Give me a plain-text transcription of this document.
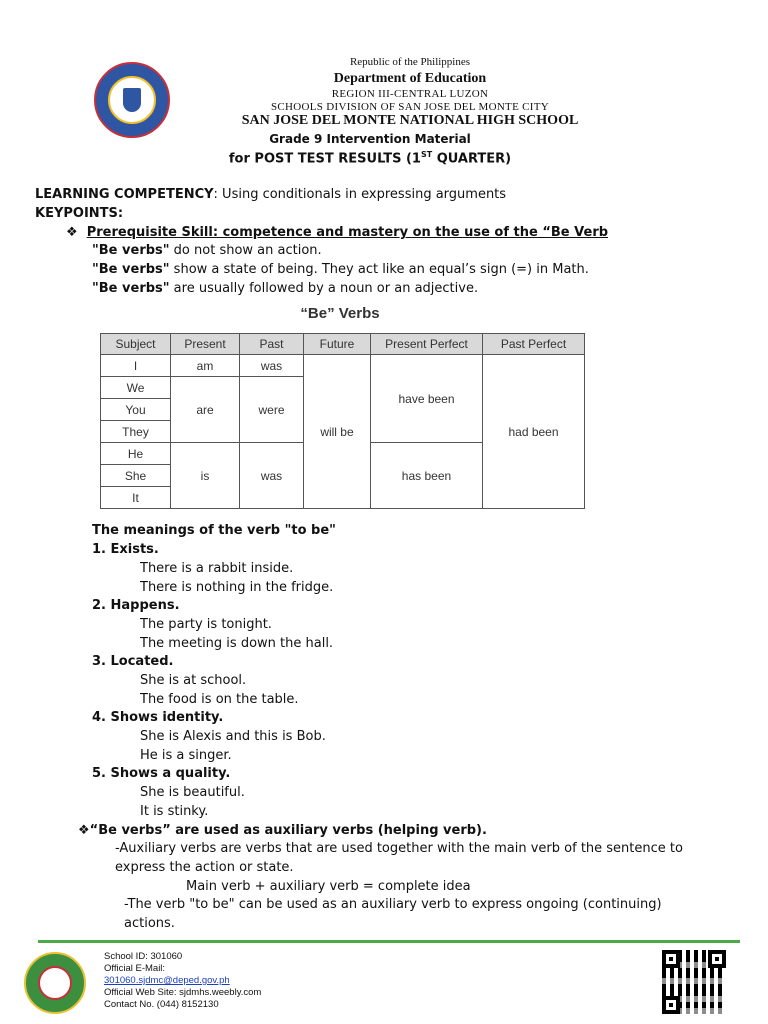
Republic of the Philippines
Department of Education
REGION III-CENTRAL LUZON
SCHOOLS DIVISION OF SAN JOSE DEL MONTE CITY
SAN JOSE DEL MONTE NATIONAL HIGH SCHOOL
Grade 9 Intervention Material
for POST TEST RESULTS (1ST QUARTER)
LEARNING COMPETENCY: Using conditionals in expressing arguments
KEYPOINTS:
❖  Prerequisite Skill: competence and mastery on the use of the “Be Verb
"Be verbs" do not show an action.
"Be verbs" show a state of being. They act like an equal’s sign (=) in Math.
"Be verbs" are usually followed by a noun or an adjective.
“Be” Verbs
Subject	Present	Past	Future	Present Perfect	Past Perfect
I	am	was	will be	have been	had been
We	are	were			
You					
They					
He	is	was		has been	
She					
It					
The meanings of the verb "to be"
1. Exists.
There is a rabbit inside.
There is nothing in the fridge.
2. Happens.
The party is tonight.
The meeting is down the hall.
3. Located.
She is at school.
The food is on the table.
4. Shows identity.
She is Alexis and this is Bob.
He is a singer.
5. Shows a quality.
She is beautiful.
It is stinky.
❖“Be verbs” are used as auxiliary verbs (helping verb).
-Auxiliary verbs are verbs that are used together with the main verb of the sentence to
express the action or state.
Main verb + auxiliary verb = complete idea
-The verb "to be" can be used as an auxiliary verb to express ongoing (continuing)
actions.
School ID: 301060
Official E-Mail:
301060.sjdmc@deped.gov.ph
Official Web Site: sjdmhs.weebly.com
Contact No. (044) 8152130
